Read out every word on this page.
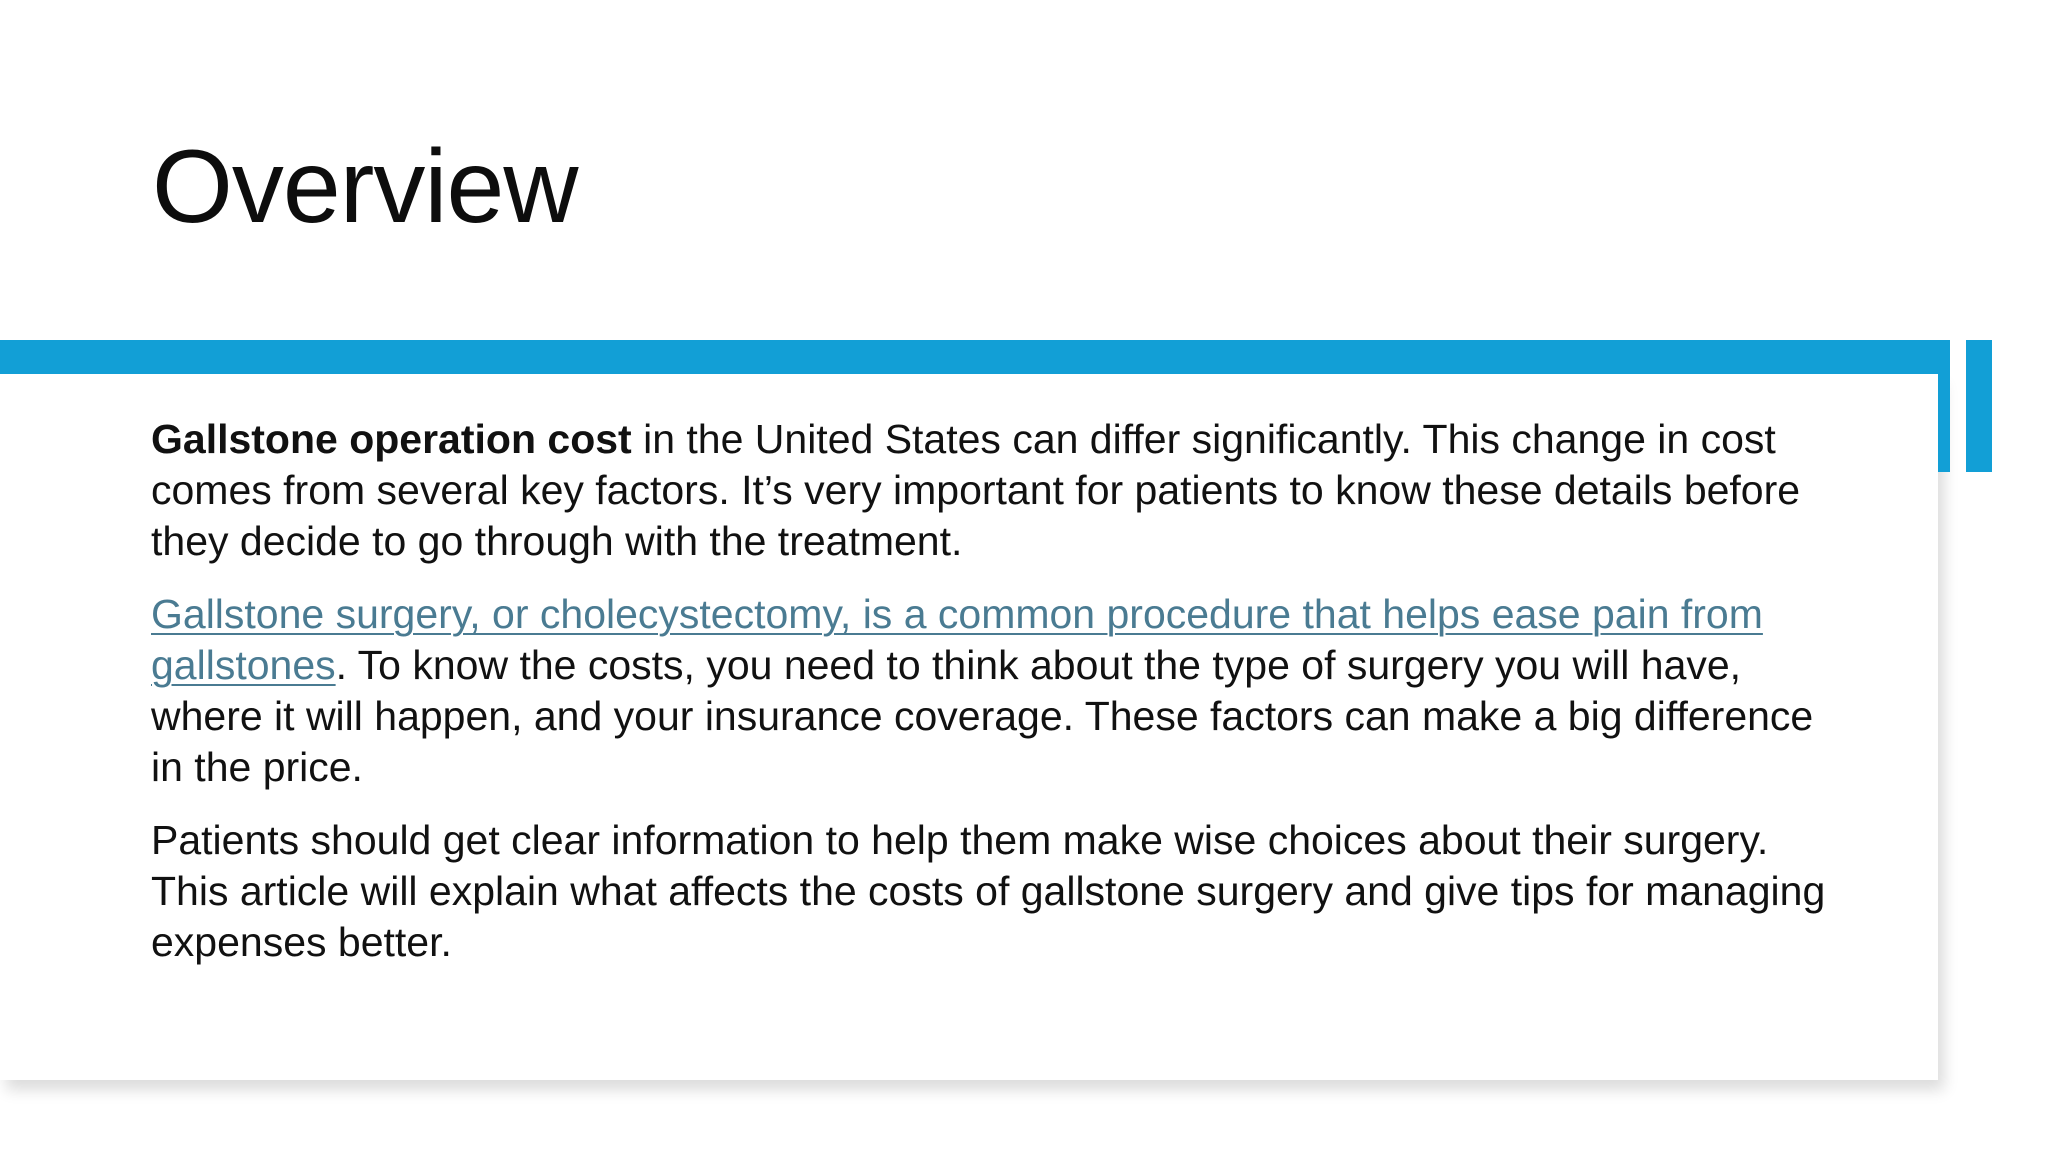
Overview

Gallstone operation cost in the United States can differ significantly. This change in cost comes from several key factors. It’s very important for patients to know these details before they decide to go through with the treatment.

Gallstone surgery, or cholecystectomy, is a common procedure that helps ease pain from gallstones. To know the costs, you need to think about the type of surgery you will have, where it will happen, and your insurance coverage. These factors can make a big difference in the price.

Patients should get clear information to help them make wise choices about their surgery. This article will explain what affects the costs of gallstone surgery and give tips for managing expenses better.
